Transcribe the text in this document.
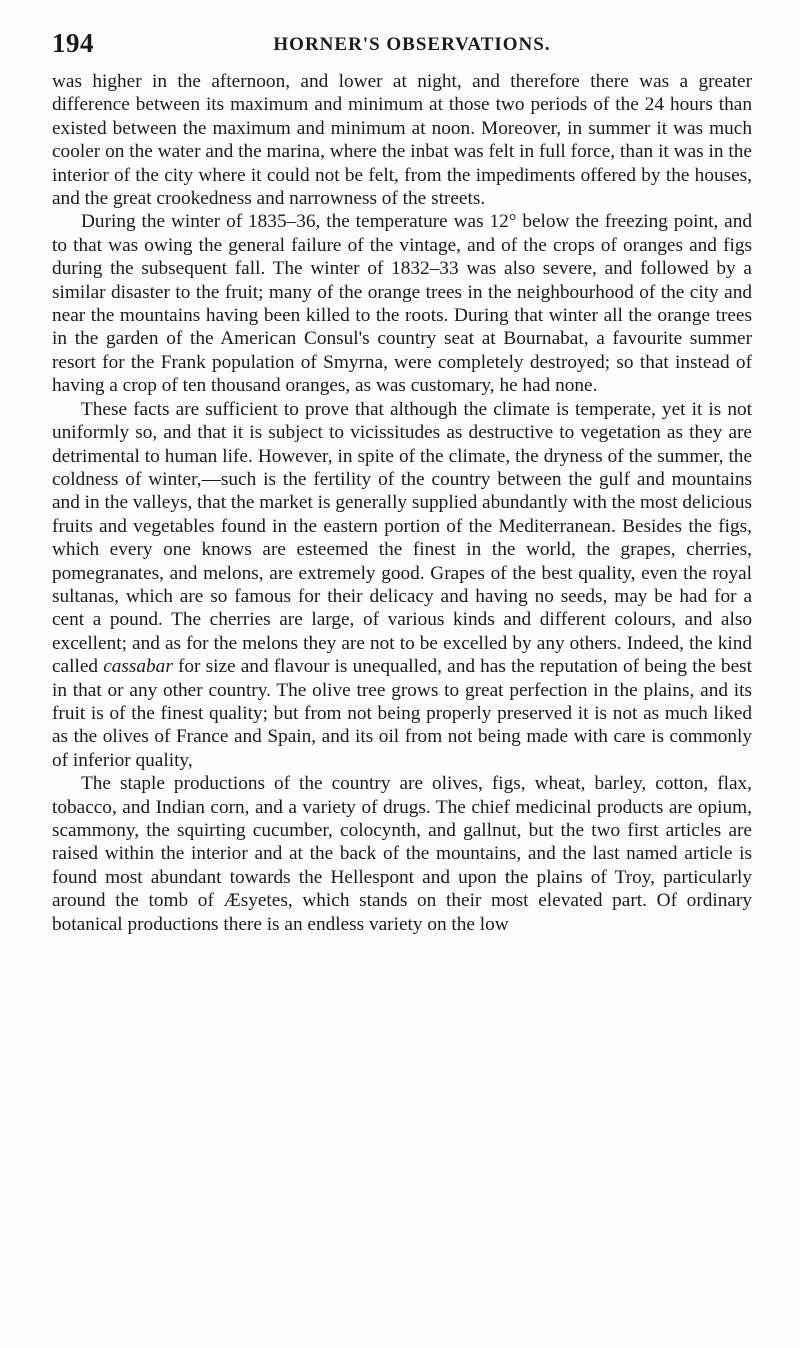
194	HORNER'S OBSERVATIONS.

was higher in the afternoon, and lower at night, and therefore there was a greater difference between its maximum and minimum at those two periods of the 24 hours than existed between the maximum and minimum at noon. Moreover, in summer it was much cooler on the water and the marina, where the inbat was felt in full force, than it was in the interior of the city where it could not be felt, from the impediments offered by the houses, and the great crookedness and narrowness of the streets.

During the winter of 1835–36, the temperature was 12° below the freezing point, and to that was owing the general failure of the vintage, and of the crops of oranges and figs during the subsequent fall. The winter of 1832–33 was also severe, and followed by a similar disaster to the fruit; many of the orange trees in the neighbourhood of the city and near the mountains having been killed to the roots. During that winter all the orange trees in the garden of the American Consul's country seat at Bournabat, a favourite summer resort for the Frank population of Smyrna, were completely destroyed; so that instead of having a crop of ten thousand oranges, as was customary, he had none.

These facts are sufficient to prove that although the climate is temperate, yet it is not uniformly so, and that it is subject to vicissitudes as destructive to vegetation as they are detrimental to human life. However, in spite of the climate, the dryness of the summer, the coldness of winter,—such is the fertility of the country between the gulf and mountains and in the valleys, that the market is generally supplied abundantly with the most delicious fruits and vegetables found in the eastern portion of the Mediterranean. Besides the figs, which every one knows are esteemed the finest in the world, the grapes, cherries, pomegranates, and melons, are extremely good. Grapes of the best quality, even the royal sultanas, which are so famous for their delicacy and having no seeds, may be had for a cent a pound. The cherries are large, of various kinds and different colours, and also excellent; and as for the melons they are not to be excelled by any others. Indeed, the kind called cassabar for size and flavour is unequalled, and has the reputation of being the best in that or any other country. The olive tree grows to great perfection in the plains, and its fruit is of the finest quality; but from not being properly preserved it is not as much liked as the olives of France and Spain, and its oil from not being made with care is commonly of inferior quality,

The staple productions of the country are olives, figs, wheat, barley, cotton, flax, tobacco, and Indian corn, and a variety of drugs. The chief medicinal products are opium, scammony, the squirting cucumber, colocynth, and gallnut, but the two first articles are raised within the interior and at the back of the mountains, and the last named article is found most abundant towards the Hellespont and upon the plains of Troy, particularly around the tomb of Æsyetes, which stands on their most elevated part. Of ordinary botanical productions there is an endless variety on the low
